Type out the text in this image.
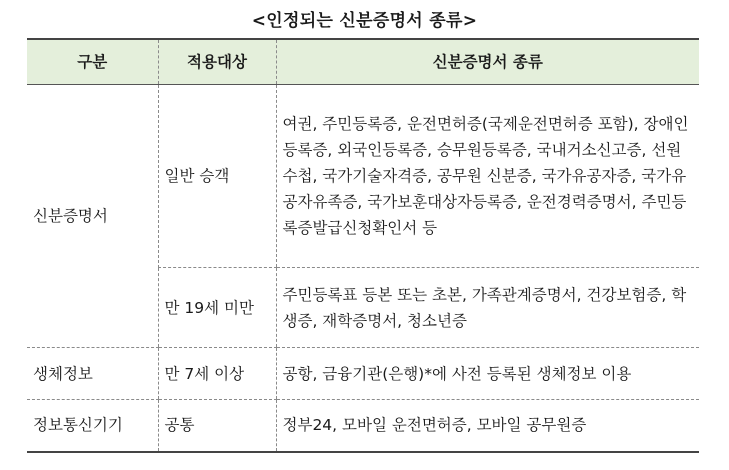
<인정되는 신분증명서 종류>
구분	적용대상	신분증명서 종류
신분증명서	일반 승객	여권, 주민등록증, 운전면허증(국제운전면허증 포함), 장애인등록증, 외국인등록증, 승무원등록증, 국내거소신고증, 선원수첩, 국가기술자격증, 공무원 신분증, 국가유공자증, 국가유공자유족증, 국가보훈대상자등록증, 운전경력증명서, 주민등록증발급신청확인서 등

	만 19세 미만	주민등록표 등본 또는 초본, 가족관계증명서, 건강보험증, 학생증, 재학증명서, 청소년증

생체정보	만 7세 이상	공항, 금융기관(은행)*에 사전 등록된 생체정보 이용

정보통신기기	공통	정부24, 모바일 운전면허증, 모바일 공무원증
